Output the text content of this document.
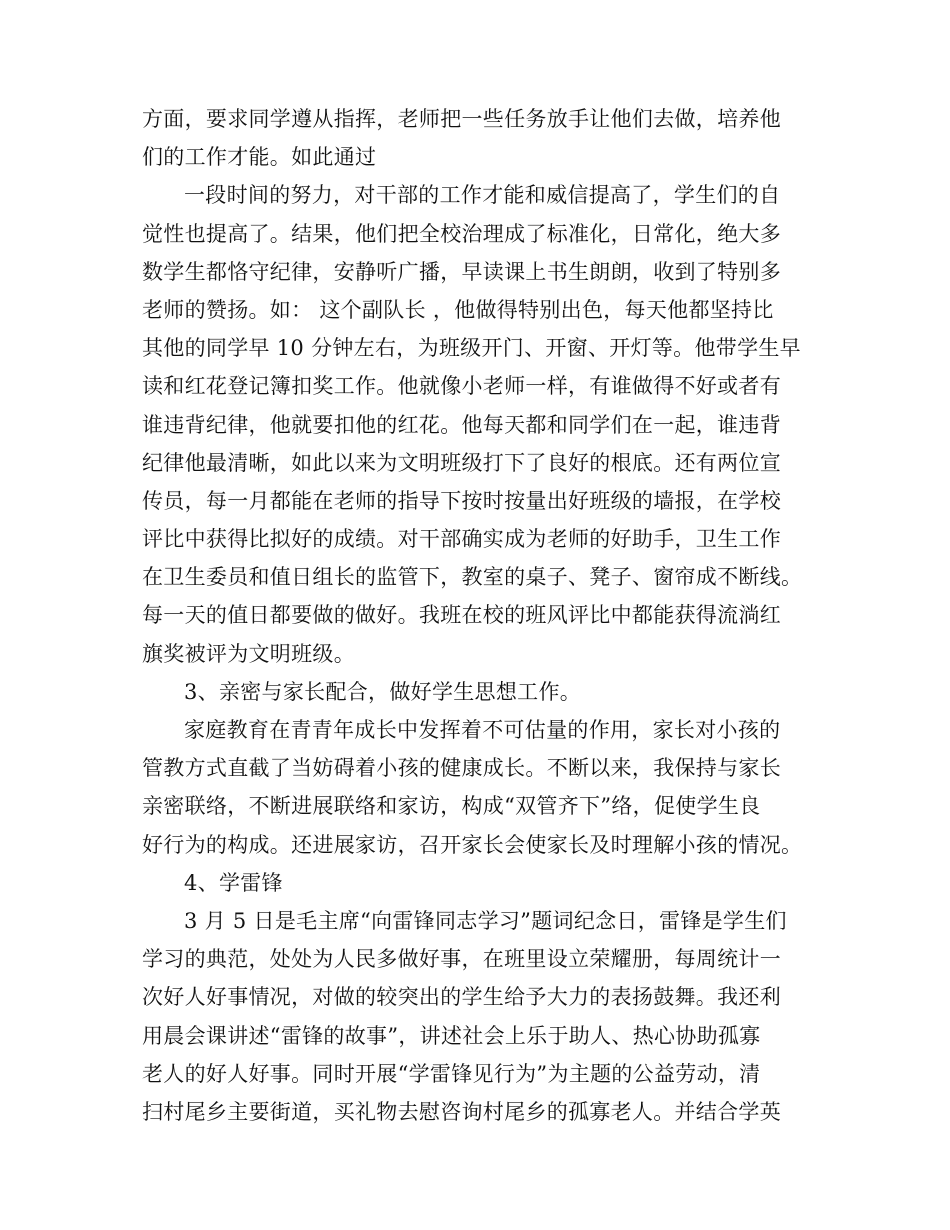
方面，要求同学遵从指挥，老师把一些任务放手让他们去做，培养他
们的工作才能。如此通过
一段时间的努力，对干部的工作才能和威信提高了，学生们的自
觉性也提高了。结果，他们把全校治理成了标准化，日常化，绝大多
数学生都恪守纪律，安静听广播，早读课上书生朗朗，收到了特别多
老师的赞扬。如： 这个副队长 ，他做得特别出色，每天他都坚持比
其他的同学早 10 分钟左右，为班级开门、开窗、开灯等。他带学生早
读和红花登记簿扣奖工作。他就像小老师一样，有谁做得不好或者有
谁违背纪律，他就要扣他的红花。他每天都和同学们在一起，谁违背
纪律他最清晰，如此以来为文明班级打下了良好的根底。还有两位宣
传员，每一月都能在老师的指导下按时按量出好班级的墙报，在学校
评比中获得比拟好的成绩。对干部确实成为老师的好助手，卫生工作
在卫生委员和值日组长的监管下，教室的桌子、凳子、窗帘成不断线。
每一天的值日都要做的做好。我班在校的班风评比中都能获得流淌红
旗奖被评为文明班级。
3、亲密与家长配合，做好学生思想工作。
家庭教育在青青年成长中发挥着不可估量的作用，家长对小孩的
管教方式直截了当妨碍着小孩的健康成长。不断以来，我保持与家长
亲密联络，不断进展联络和家访，构成“双管齐下”络，促使学生良
好行为的构成。还进展家访，召开家长会使家长及时理解小孩的情况。
4、学雷锋
3 月 5 日是毛主席“向雷锋同志学习”题词纪念日，雷锋是学生们
学习的典范，处处为人民多做好事，在班里设立荣耀册，每周统计一
次好人好事情况，对做的较突出的学生给予大力的表扬鼓舞。我还利
用晨会课讲述“雷锋的故事”，讲述社会上乐于助人、热心协助孤寡
老人的好人好事。同时开展“学雷锋见行为”为主题的公益劳动，清
扫村尾乡主要街道，买礼物去慰咨询村尾乡的孤寡老人。并结合学英
